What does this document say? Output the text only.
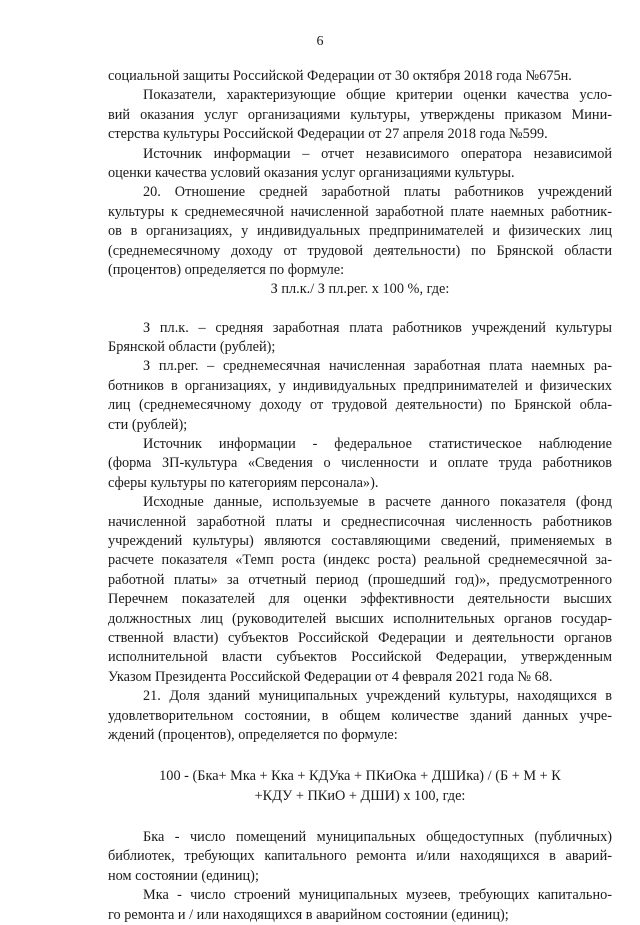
6
социальной защиты Российской Федерации от 30 октября 2018 года №675н.
Показатели, характеризующие общие критерии оценки качества усло-
вий оказания услуг организациями культуры, утверждены приказом Мини-
стерства культуры Российской Федерации от 27 апреля 2018 года №599.
Источник информации – отчет независимого оператора независимой
оценки качества условий оказания услуг организациями культуры.
20. Отношение средней заработной платы работников учреждений
культуры к среднемесячной начисленной заработной плате наемных работник-
ов в организациях, у индивидуальных предпринимателей и физических лиц
(среднемесячному доходу от трудовой деятельности) по Брянской области
(процентов) определяется по формуле:
З пл.к./ З пл.рег. х 100 %, где:
З пл.к. – средняя заработная плата работников учреждений культуры
Брянской области (рублей);
З пл.рег. – среднемесячная начисленная заработная плата наемных ра-
ботников в организациях, у индивидуальных предпринимателей и физических
лиц (среднемесячному доходу от трудовой деятельности) по Брянской обла-
сти (рублей);
Источник информации - федеральное статистическое наблюдение
(форма ЗП-культура «Сведения о численности и оплате труда работников
сферы культуры по категориям персонала»).
Исходные данные, используемые в расчете данного показателя (фонд
начисленной заработной платы и среднесписочная численность работников
учреждений культуры) являются составляющими сведений, применяемых в
расчете показателя «Темп роста (индекс роста) реальной среднемесячной за-
работной платы» за отчетный период (прошедший год)», предусмотренного
Перечнем показателей для оценки эффективности деятельности высших
должностных лиц (руководителей высших исполнительных органов государ-
ственной власти) субъектов Российской Федерации и деятельности органов
исполнительной власти субъектов Российской Федерации, утвержденным
Указом Президента Российской Федерации от 4 февраля 2021 года № 68.
21. Доля зданий муниципальных учреждений культуры, находящихся в
удовлетворительном состоянии, в общем количестве зданий данных учре-
ждений (процентов), определяется по формуле:
100 - (Бка+ Мка + Кка + КДУка + ПКиОка + ДШИка) / (Б + М + К
+КДУ + ПКиО + ДШИ) х 100, где:
Бка - число помещений муниципальных общедоступных (публичных)
библиотек, требующих капитального ремонта и/или находящихся в аварий-
ном состоянии (единиц);
Мка - число строений муниципальных музеев, требующих капитально-
го ремонта и / или находящихся в аварийном состоянии (единиц);
